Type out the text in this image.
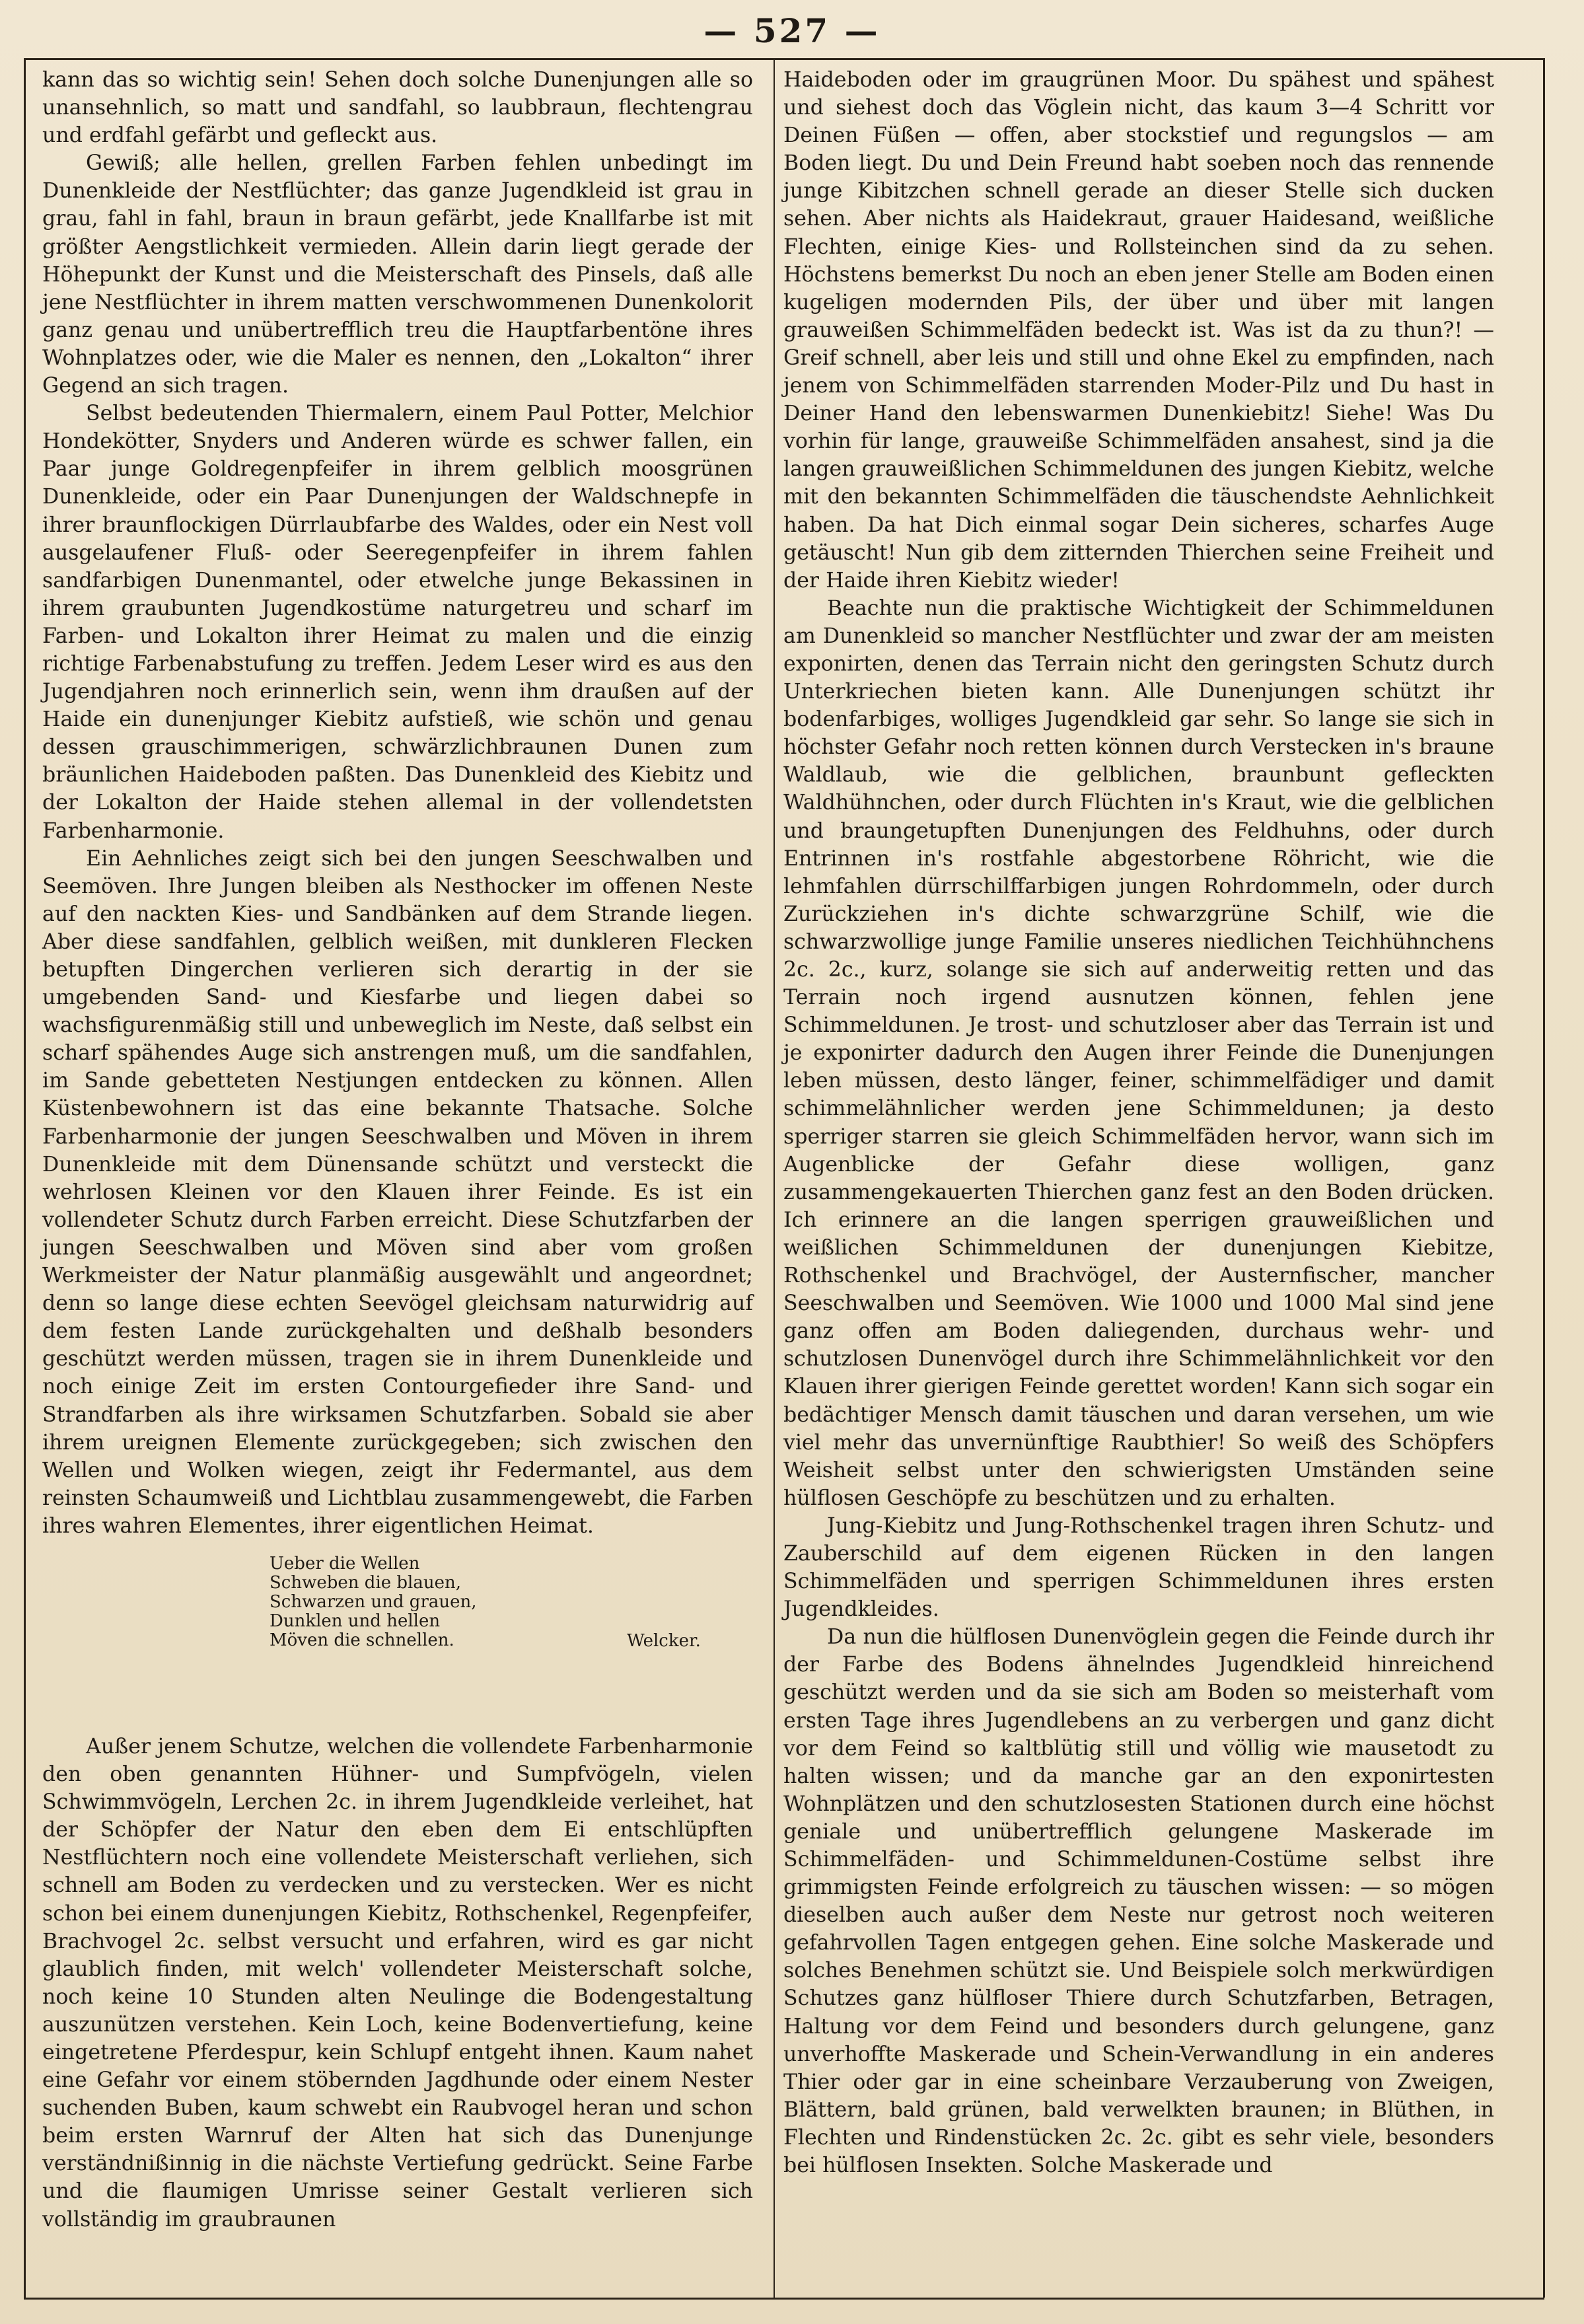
— 527 —

kann das so wichtig sein! Sehen doch solche Dunenjungen alle so unansehnlich, so matt und sandfahl, so laubbraun, flechtengrau und erdfahl gefärbt und gefleckt aus.

Gewiß; alle hellen, grellen Farben fehlen unbedingt im Dunenkleide der Nestflüchter; das ganze Jugendkleid ist grau in grau, fahl in fahl, braun in braun gefärbt, jede Knallfarbe ist mit größter Aengstlichkeit vermieden. Allein darin liegt gerade der Höhepunkt der Kunst und die Meisterschaft des Pinsels, daß alle jene Nestflüchter in ihrem matten verschwommenen Dunenkolorit ganz genau und unübertrefflich treu die Hauptfarbentöne ihres Wohnplatzes oder, wie die Maler es nennen, den „Lokalton“ ihrer Gegend an sich tragen.

Selbst bedeutenden Thiermalern, einem Paul Potter, Melchior Hondekötter, Snyders und Anderen würde es schwer fallen, ein Paar junge Goldregenpfeifer in ihrem gelblich moosgrünen Dunenkleide, oder ein Paar Dunenjungen der Waldschnepfe in ihrer braunflockigen Dürrlaubfarbe des Waldes, oder ein Nest voll ausgelaufener Fluß- oder Seeregenpfeifer in ihrem fahlen sandfarbigen Dunenmantel, oder etwelche junge Bekassinen in ihrem graubunten Jugendkostüme naturgetreu und scharf im Farben- und Lokalton ihrer Heimat zu malen und die einzig richtige Farbenabstufung zu treffen. Jedem Leser wird es aus den Jugendjahren noch erinnerlich sein, wenn ihm draußen auf der Haide ein dunenjunger Kiebitz aufstieß, wie schön und genau dessen grauschimmerigen, schwärzlichbraunen Dunen zum bräunlichen Haideboden paßten. Das Dunenkleid des Kiebitz und der Lokalton der Haide stehen allemal in der vollendetsten Farbenharmonie.

Ein Aehnliches zeigt sich bei den jungen Seeschwalben und Seemöven. Ihre Jungen bleiben als Nesthocker im offenen Neste auf den nackten Kies- und Sandbänken auf dem Strande liegen. Aber diese sandfahlen, gelblich weißen, mit dunkleren Flecken betupften Dingerchen verlieren sich derartig in der sie umgebenden Sand- und Kiesfarbe und liegen dabei so wachsfigurenmäßig still und unbeweglich im Neste, daß selbst ein scharf spähendes Auge sich anstrengen muß, um die sandfahlen, im Sande gebetteten Nestjungen entdecken zu können. Allen Küstenbewohnern ist das eine bekannte Thatsache. Solche Farbenharmonie der jungen Seeschwalben und Möven in ihrem Dunenkleide mit dem Dünensande schützt und versteckt die wehrlosen Kleinen vor den Klauen ihrer Feinde. Es ist ein vollendeter Schutz durch Farben erreicht. Diese Schutzfarben der jungen Seeschwalben und Möven sind aber vom großen Werkmeister der Natur planmäßig ausgewählt und angeordnet; denn so lange diese echten Seevögel gleichsam naturwidrig auf dem festen Lande zurückgehalten und deßhalb besonders geschützt werden müssen, tragen sie in ihrem Dunenkleide und noch einige Zeit im ersten Contourgefieder ihre Sand- und Strandfarben als ihre wirksamen Schutzfarben. Sobald sie aber ihrem ureignen Elemente zurückgegeben; sich zwischen den Wellen und Wolken wiegen, zeigt ihr Federmantel, aus dem reinsten Schaumweiß und Lichtblau zusammengewebt, die Farben ihres wahren Elementes, ihrer eigentlichen Heimat.

Ueber die Wellen
Schweben die blauen,
Schwarzen und grauen,
Dunklen und hellen
Möven die schnellen.	Welcker.

Außer jenem Schutze, welchen die vollendete Farbenharmonie den oben genannten Hühner- und Sumpfvögeln, vielen Schwimmvögeln, Lerchen 2c. in ihrem Jugendkleide verleihet, hat der Schöpfer der Natur den eben dem Ei entschlüpften Nestflüchtern noch eine vollendete Meisterschaft verliehen, sich schnell am Boden zu verdecken und zu verstecken. Wer es nicht schon bei einem dunenjungen Kiebitz, Rothschenkel, Regenpfeifer, Brachvogel 2c. selbst versucht und erfahren, wird es gar nicht glaublich finden, mit welch' vollendeter Meisterschaft solche, noch keine 10 Stunden alten Neulinge die Bodengestaltung auszunützen verstehen. Kein Loch, keine Bodenvertiefung, keine eingetretene Pferdespur, kein Schlupf entgeht ihnen. Kaum nahet eine Gefahr vor einem stöbernden Jagdhunde oder einem Nester suchenden Buben, kaum schwebt ein Raubvogel heran und schon beim ersten Warnruf der Alten hat sich das Dunenjunge verständnißinnig in die nächste Vertiefung gedrückt. Seine Farbe und die flaumigen Umrisse seiner Gestalt verlieren sich vollständig im graubraunen

Haideboden oder im graugrünen Moor. Du spähest und spähest und siehest doch das Vöglein nicht, das kaum 3—4 Schritt vor Deinen Füßen — offen, aber stockstief und regungslos — am Boden liegt. Du und Dein Freund habt soeben noch das rennende junge Kibitzchen schnell gerade an dieser Stelle sich ducken sehen. Aber nichts als Haidekraut, grauer Haidesand, weißliche Flechten, einige Kies- und Rollsteinchen sind da zu sehen. Höchstens bemerkst Du noch an eben jener Stelle am Boden einen kugeligen modernden Pils, der über und über mit langen grauweißen Schimmelfäden bedeckt ist. Was ist da zu thun?! — Greif schnell, aber leis und still und ohne Ekel zu empfinden, nach jenem von Schimmelfäden starrenden Moder-Pilz und Du hast in Deiner Hand den lebenswarmen Dunenkiebitz! Siehe! Was Du vorhin für lange, grauweiße Schimmelfäden ansahest, sind ja die langen grauweißlichen Schimmeldunen des jungen Kiebitz, welche mit den bekannten Schimmelfäden die täuschendste Aehnlichkeit haben. Da hat Dich einmal sogar Dein sicheres, scharfes Auge getäuscht! Nun gib dem zitternden Thierchen seine Freiheit und der Haide ihren Kiebitz wieder!

Beachte nun die praktische Wichtigkeit der Schimmeldunen am Dunenkleid so mancher Nestflüchter und zwar der am meisten exponirten, denen das Terrain nicht den geringsten Schutz durch Unterkriechen bieten kann. Alle Dunenjungen schützt ihr bodenfarbiges, wolliges Jugendkleid gar sehr. So lange sie sich in höchster Gefahr noch retten können durch Verstecken in's braune Waldlaub, wie die gelblichen, braunbunt gefleckten Waldhühnchen, oder durch Flüchten in's Kraut, wie die gelblichen und braungetupften Dunenjungen des Feldhuhns, oder durch Entrinnen in's rostfahle abgestorbene Röhricht, wie die lehmfahlen dürrschilffarbigen jungen Rohrdommeln, oder durch Zurückziehen in's dichte schwarzgrüne Schilf, wie die schwarzwollige junge Familie unseres niedlichen Teichhühnchens 2c. 2c., kurz, solange sie sich auf anderweitig retten und das Terrain noch irgend ausnutzen können, fehlen jene Schimmeldunen. Je trost- und schutzloser aber das Terrain ist und je exponirter dadurch den Augen ihrer Feinde die Dunenjungen leben müssen, desto länger, feiner, schimmelfädiger und damit schimmelähnlicher werden jene Schimmeldunen; ja desto sperriger starren sie gleich Schimmelfäden hervor, wann sich im Augenblicke der Gefahr diese wolligen, ganz zusammengekauerten Thierchen ganz fest an den Boden drücken. Ich erinnere an die langen sperrigen grauweißlichen und weißlichen Schimmeldunen der dunenjungen Kiebitze, Rothschenkel und Brachvögel, der Austernfischer, mancher Seeschwalben und Seemöven. Wie 1000 und 1000 Mal sind jene ganz offen am Boden daliegenden, durchaus wehr- und schutzlosen Dunenvögel durch ihre Schimmelähnlichkeit vor den Klauen ihrer gierigen Feinde gerettet worden! Kann sich sogar ein bedächtiger Mensch damit täuschen und daran versehen, um wie viel mehr das unvernünftige Raubthier! So weiß des Schöpfers Weisheit selbst unter den schwierigsten Umständen seine hülflosen Geschöpfe zu beschützen und zu erhalten.

Jung-Kiebitz und Jung-Rothschenkel tragen ihren Schutz- und Zauberschild auf dem eigenen Rücken in den langen Schimmelfäden und sperrigen Schimmeldunen ihres ersten Jugendkleides.

Da nun die hülflosen Dunenvöglein gegen die Feinde durch ihr der Farbe des Bodens ähnelndes Jugendkleid hinreichend geschützt werden und da sie sich am Boden so meisterhaft vom ersten Tage ihres Jugendlebens an zu verbergen und ganz dicht vor dem Feind so kaltblütig still und völlig wie mausetodt zu halten wissen; und da manche gar an den exponirtesten Wohnplätzen und den schutzlosesten Stationen durch eine höchst geniale und unübertrefflich gelungene Maskerade im Schimmelfäden- und Schimmeldunen-Costüme selbst ihre grimmigsten Feinde erfolgreich zu täuschen wissen: — so mögen dieselben auch außer dem Neste nur getrost noch weiteren gefahrvollen Tagen entgegen gehen. Eine solche Maskerade und solches Benehmen schützt sie. Und Beispiele solch merkwürdigen Schutzes ganz hülfloser Thiere durch Schutzfarben, Betragen, Haltung vor dem Feind und besonders durch gelungene, ganz unverhoffte Maskerade und Schein-Verwandlung in ein anderes Thier oder gar in eine scheinbare Verzauberung von Zweigen, Blättern, bald grünen, bald verwelkten braunen; in Blüthen, in Flechten und Rindenstücken 2c. 2c. gibt es sehr viele, besonders bei hülflosen Insekten. Solche Maskerade und
